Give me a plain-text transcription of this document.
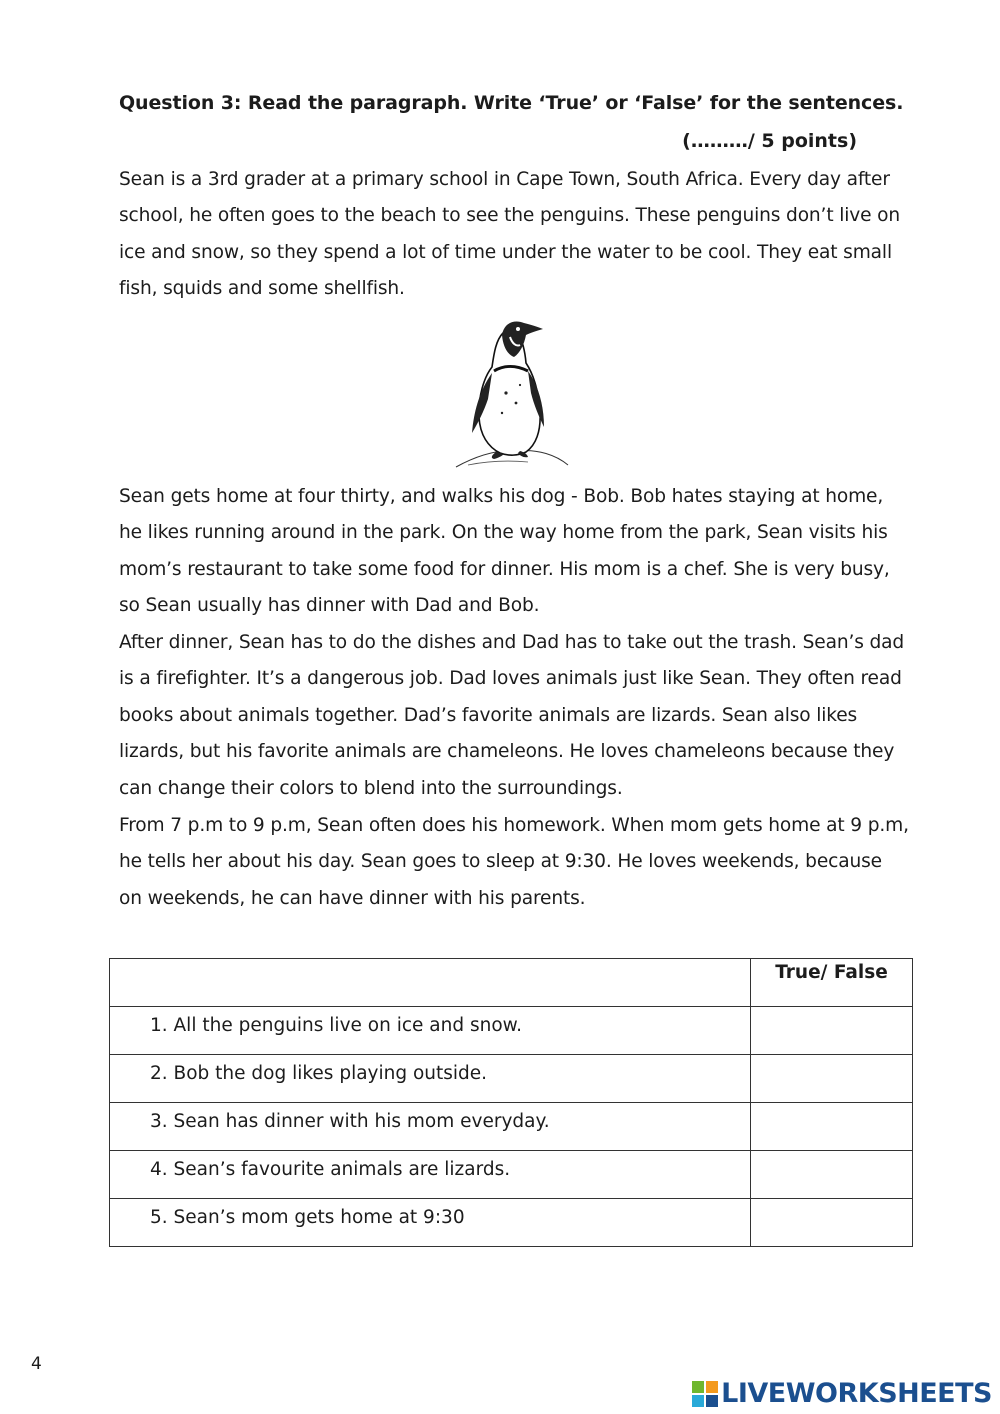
Question 3: Read the paragraph. Write ‘True’ or ‘False’ for the sentences.
(………/ 5 points)

Sean is a 3rd grader at a primary school in Cape Town, South Africa. Every day after school, he often goes to the beach to see the penguins. These penguins don’t live on ice and snow, so they spend a lot of time under the water to be cool. They eat small fish, squids and some shellfish.

Sean gets home at four thirty, and walks his dog - Bob. Bob hates staying at home, he likes running around in the park. On the way home from the park, Sean visits his mom’s restaurant to take some food for dinner. His mom is a chef. She is very busy, so Sean usually has dinner with Dad and Bob.

After dinner, Sean has to do the dishes and Dad has to take out the trash. Sean’s dad is a firefighter. It’s a dangerous job. Dad loves animals just like Sean. They often read books about animals together. Dad’s favorite animals are lizards. Sean also likes lizards, but his favorite animals are chameleons. He loves chameleons because they can change their colors to blend into the surroundings.

From 7 p.m to 9 p.m, Sean often does his homework. When mom gets home at 9 p.m, he tells her about his day. Sean goes to sleep at 9:30. He loves weekends, because on weekends, he can have dinner with his parents.

	True/ False
1. All the penguins live on ice and snow.	
2. Bob the dog likes playing outside.	
3. Sean has dinner with his mom everyday.	
4. Sean’s favourite animals are lizards.	
5. Sean’s mom gets home at 9:30	
4
LIVEWORKSHEETS
